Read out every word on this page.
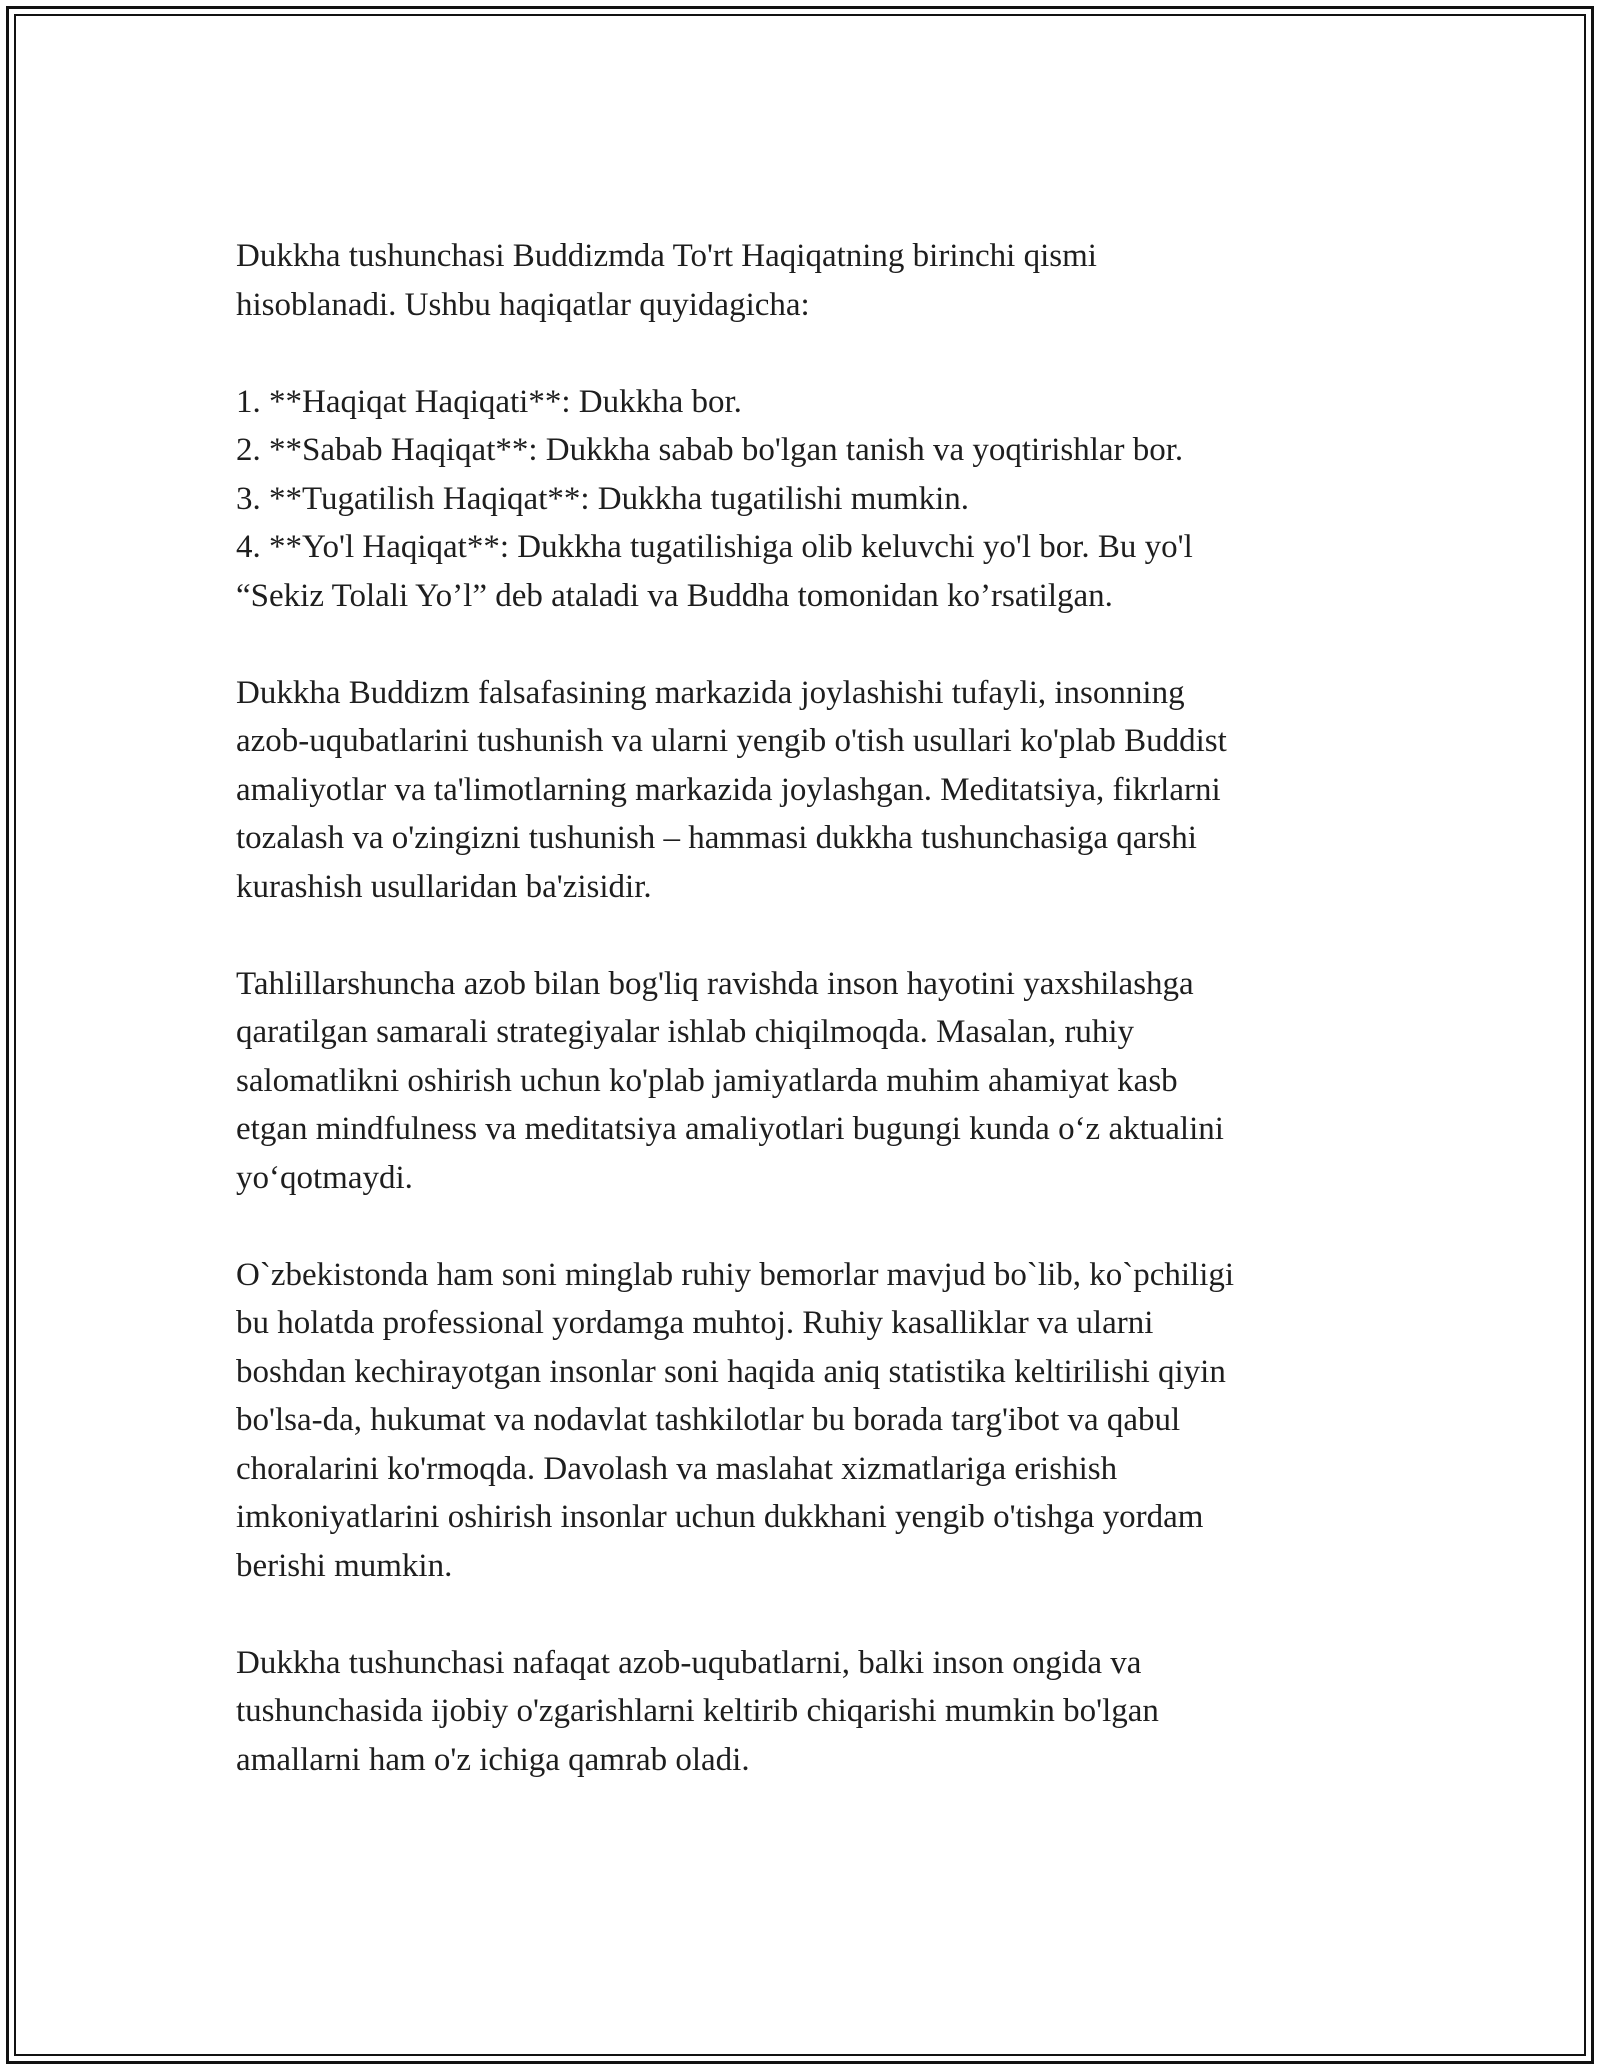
Dukkha tushunchasi Buddizmda To'rt Haqiqatning birinchi qismi
hisoblanadi. Ushbu haqiqatlar quyidagicha:

1. **Haqiqat Haqiqati**: Dukkha bor.
2. **Sabab Haqiqat**: Dukkha sabab bo'lgan tanish va yoqtirishlar bor.
3. **Tugatilish Haqiqat**: Dukkha tugatilishi mumkin.
4. **Yo'l Haqiqat**: Dukkha tugatilishiga olib keluvchi yo'l bor. Bu yo'l
“Sekiz Tolali Yo’l” deb ataladi va Buddha tomonidan ko’rsatilgan.

Dukkha Buddizm falsafasining markazida joylashishi tufayli, insonning
azob-uqubatlarini tushunish va ularni yengib o'tish usullari ko'plab Buddist
amaliyotlar va ta'limotlarning markazida joylashgan. Meditatsiya, fikrlarni
tozalash va o'zingizni tushunish – hammasi dukkha tushunchasiga qarshi
kurashish usullaridan ba'zisidir.

Tahlillarshuncha azob bilan bog'liq ravishda inson hayotini yaxshilashga
qaratilgan samarali strategiyalar ishlab chiqilmoqda. Masalan, ruhiy
salomatlikni oshirish uchun ko'plab jamiyatlarda muhim ahamiyat kasb
etgan mindfulness va meditatsiya amaliyotlari bugungi kunda o‘z aktualini
yo‘qotmaydi.

O`zbekistonda ham soni minglab ruhiy bemorlar mavjud bo`lib, ko`pchiligi
bu holatda professional yordamga muhtoj. Ruhiy kasalliklar va ularni
boshdan kechirayotgan insonlar soni haqida aniq statistika keltirilishi qiyin
bo'lsa-da, hukumat va nodavlat tashkilotlar bu borada targ'ibot va qabul
choralarini ko'rmoqda. Davolash va maslahat xizmatlariga erishish
imkoniyatlarini oshirish insonlar uchun dukkhani yengib o'tishga yordam
berishi mumkin.

Dukkha tushunchasi nafaqat azob-uqubatlarni, balki inson ongida va
tushunchasida ijobiy o'zgarishlarni keltirib chiqarishi mumkin bo'lgan
amallarni ham o'z ichiga qamrab oladi.
